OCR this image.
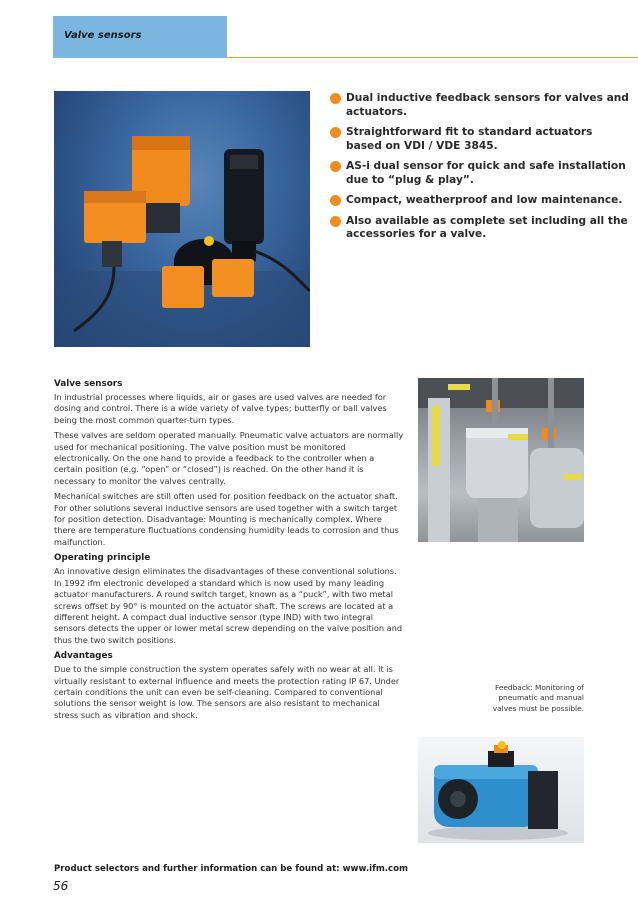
Valve sensors
Dual inductive feedback sensors for valves and actuators.
Straightforward fit to standard actuators based on VDI / VDE 3845.
AS-i dual sensor for quick and safe installation due to “plug & play”.
Compact, weatherproof and low maintenance.
Also available as complete set including all the accessories for a valve.
Valve sensors

In industrial processes where liquids, air or gases are used valves are needed for dosing and control. There is a wide variety of valve types; butterfly or ball valves being the most common quarter-turn types.

These valves are seldom operated manually. Pneumatic valve actuators are normally used for mechanical positioning. The valve position must be monitored electronically. On the one hand to provide a feedback to the controller when a certain position (e.g. “open” or “closed”) is reached. On the other hand it is necessary to monitor the valves centrally.

Mechanical switches are still often used for position feedback on the actuator shaft. For other solutions several inductive sensors are used together with a switch target for position detection. Disadvantage: Mounting is mechanically complex. Where there are temperature fluctuations condensing humidity leads to corrosion and thus malfunction.

Operating principle

An innovative design eliminates the disadvantages of these conventional solutions. In 1992 ifm electronic developed a standard which is now used by many leading actuator manufacturers. A round switch target, known as a “puck”, with two metal screws offset by 90° is mounted on the actuator shaft. The screws are located at a different height. A compact dual inductive sensor (type IND) with two integral sensors detects the upper or lower metal screw depending on the valve position and thus the two switch positions.

Advantages

Due to the simple construction the system operates safely with no wear at all. It is virtually resistant to external influence and meets the protection rating IP 67. Under certain conditions the unit can even be self-cleaning. Compared to conventional solutions the sensor weight is low. The sensors are also resistant to mechanical stress such as vibration and shock.

Feedback: Monitoring of pneumatic and manual valves must be possible.
Product selectors and further information can be found at: www.ifm.com
56
